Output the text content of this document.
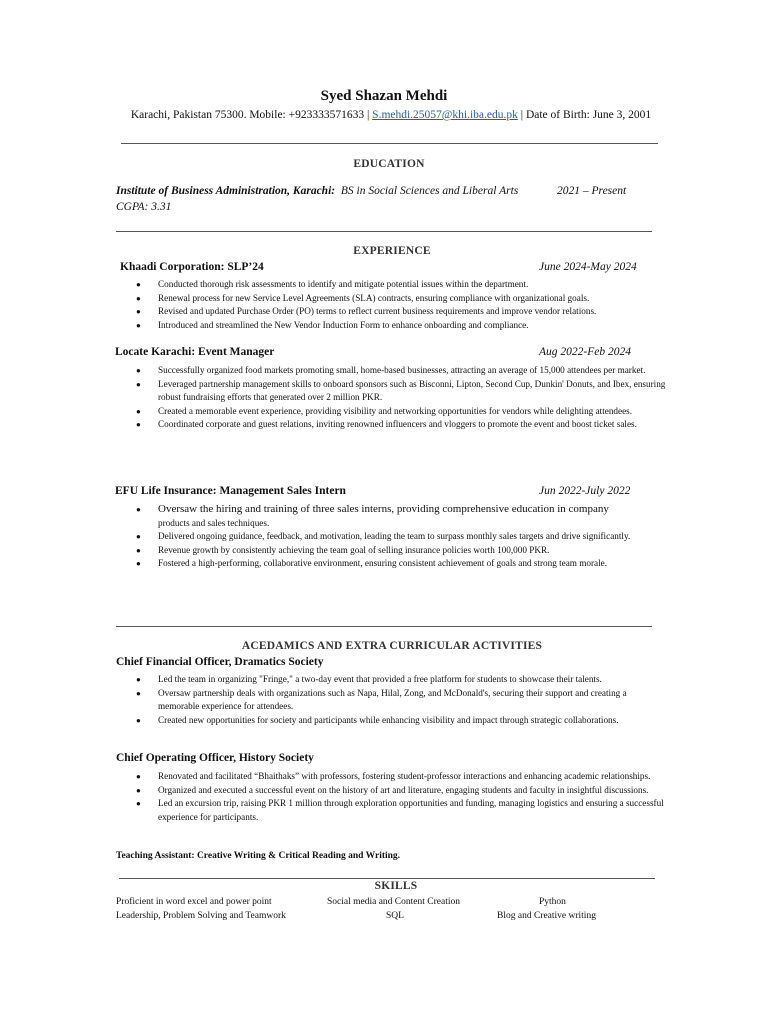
Syed Shazan Mehdi
Karachi, Pakistan 75300. Mobile: +923333571633 | S.mehdi.25057@khi.iba.edu.pk | Date of Birth: June 3, 2001
EDUCATION
Institute of Business Administration, Karachi: BS in Social Sciences and Liberal Arts	2021 – Present
CGPA: 3.31
EXPERIENCE
Khaadi Corporation: SLP’24	June 2024-May 2024
● Conducted thorough risk assessments to identify and mitigate potential issues within the department.
● Renewal process for new Service Level Agreements (SLA) contracts, ensuring compliance with organizational goals.
● Revised and updated Purchase Order (PO) terms to reflect current business requirements and improve vendor relations.
● Introduced and streamlined the New Vendor Induction Form to enhance onboarding and compliance.
Locate Karachi: Event Manager	Aug 2022-Feb 2024
● Successfully organized food markets promoting small, home-based businesses, attracting an average of 15,000 attendees per market.
● Leveraged partnership management skills to onboard sponsors such as Bisconni, Lipton, Second Cup, Dunkin' Donuts, and Ibex, ensuring robust fundraising efforts that generated over 2 million PKR.
● Created a memorable event experience, providing visibility and networking opportunities for vendors while delighting attendees.
● Coordinated corporate and guest relations, inviting renowned influencers and vloggers to promote the event and boost ticket sales.
EFU Life Insurance: Management Sales Intern	Jun 2022-July 2022
● Oversaw the hiring and training of three sales interns, providing comprehensive education in company
products and sales techniques.
● Delivered ongoing guidance, feedback, and motivation, leading the team to surpass monthly sales targets and drive significantly.
● Revenue growth by consistently achieving the team goal of selling insurance policies worth 100,000 PKR.
● Fostered a high-performing, collaborative environment, ensuring consistent achievement of goals and strong team morale.
ACEDAMICS AND EXTRA CURRICULAR ACTIVITIES
Chief Financial Officer, Dramatics Society
● Led the team in organizing "Fringe," a two-day event that provided a free platform for students to showcase their talents.
● Oversaw partnership deals with organizations such as Napa, Hilal, Zong, and McDonald's, securing their support and creating a memorable experience for attendees.
● Created new opportunities for society and participants while enhancing visibility and impact through strategic collaborations.
Chief Operating Officer, History Society
● Renovated and facilitated “Bhaithaks” with professors, fostering student-professor interactions and enhancing academic relationships.
● Organized and executed a successful event on the history of art and literature, engaging students and faculty in insightful discussions.
● Led an excursion trip, raising PKR 1 million through exploration opportunities and funding, managing logistics and ensuring a successful experience for participants.
Teaching Assistant: Creative Writing & Critical Reading and Writing.
SKILLS
Proficient in word excel and power point	Social media and Content Creation	Python
Leadership, Problem Solving and Teamwork	SQL	Blog and Creative writing
